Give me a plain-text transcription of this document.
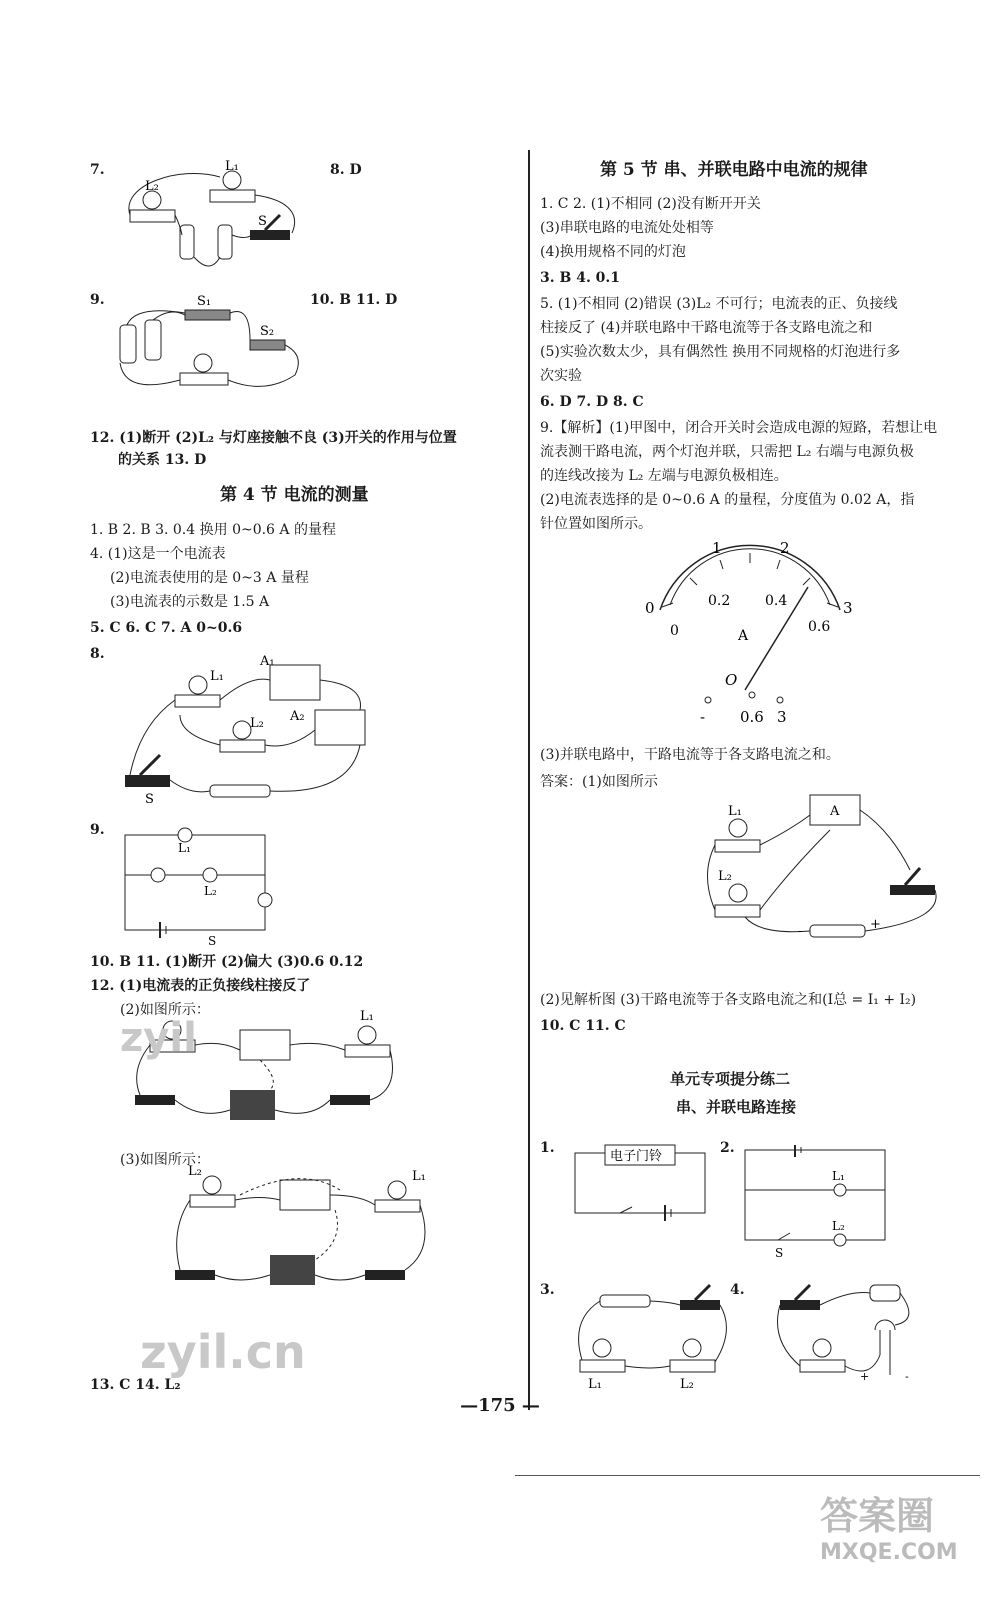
7.	8. D
L₂
L₁
S
9.	10. B 11. D
S₁
S₂
12. (1)断开 (2)L₂ 与灯座接触不良 (3)开关的作用与位置
的关系 13. D
第 4 节 电流的测量
1. B 2. B 3. 0.4 换用 0~0.6 A 的量程
4. (1)这是一个电流表
(2)电流表使用的是 0~3 A 量程
(3)电流表的示数是 1.5 A
5. C 6. C 7. A 0~0.6
8.	A₁
A₂
L₁
L₂
S
9.
L₁
L₂
S
10. B 11. (1)断开 (2)偏大 (3)0.6 0.12
12. (1)电流表的正负接线柱接反了
(2)如图所示：	L₁
(3)如图所示：
L₂	L₁
13. C 14. L₂
第 5 节 串、并联电路中电流的规律
1. C 2. (1)不相同 (2)没有断开开关
(3)串联电路的电流处处相等
(4)换用规格不同的灯泡
3. B 4. 0.1
5. (1)不相同 (2)错误 (3)L₂ 不可行；电流表的正、负接线
柱接反了 (4)并联电路中干路电流等于各支路电流之和
(5)实验次数太少，具有偶然性 换用不同规格的灯泡进行多
次实验
6. D 7. D 8. C
9.【解析】(1)甲图中，闭合开关时会造成电源的短路，若想让电
流表测干路电流，两个灯泡并联，只需把 L₂ 右端与电源负极
的连线改接为 L₂ 左端与电源负极相连。
(2)电流表选择的是 0~0.6 A 的量程，分度值为 0.02 A，指
针位置如图所示。
0
1	2
3
0
0.2 0.4
0.6
A
O
- 0.6 3
(3)并联电路中，干路电流等于各支路电流之和。
答案：(1)如图所示
L₁
L₂
A
-	+
(2)见解析图 (3)干路电流等于各支路电流之和(I总 = I₁ + I₂)
10. C 11. C
单元专项提分练二
串、并联电路连接
1.
电子门铃
2.
L₁
L₂
S
3.
L₁	L₂
4.
+	-
—175 —
zyil
zyil.cn
答案圈
MXQE.COM
